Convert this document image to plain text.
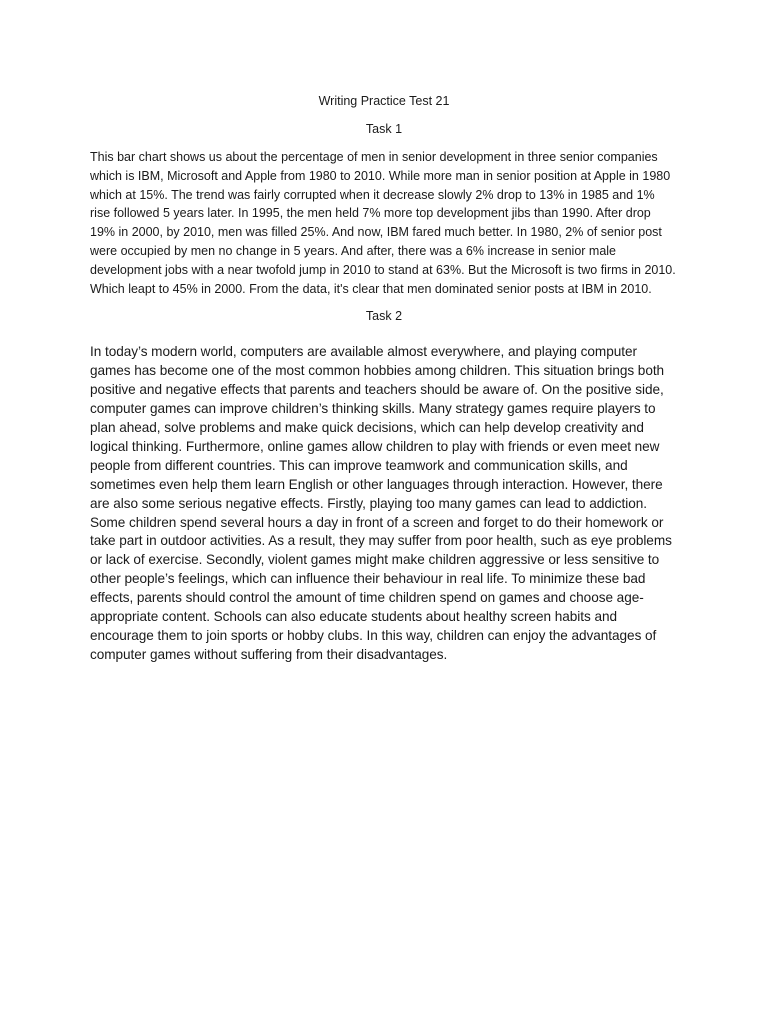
Writing Practice Test 21

Task 1

This bar chart shows us about the percentage of men in senior development in three senior companies which is IBM, Microsoft and Apple from 1980 to 2010. While more man in senior position at Apple in 1980 which at 15%. The trend was fairly corrupted when it decrease slowly 2% drop to 13% in 1985 and 1% rise followed 5 years later. In 1995, the men held 7% more top development jibs than 1990. After drop 19% in 2000, by 2010, men was filled 25%. And now, IBM fared much better. In 1980, 2% of senior post were occupied by men no change in 5 years. And after, there was a 6% increase in senior male development jobs with a near twofold jump in 2010 to stand at 63%. But the Microsoft is two firms in 2010. Which leapt to 45% in 2000. From the data, it's clear that men dominated senior posts at IBM in 2010.

Task 2

In today’s modern world, computers are available almost everywhere, and playing computer games has become one of the most common hobbies among children. This situation brings both positive and negative effects that parents and teachers should be aware of. On the positive side, computer games can improve children’s thinking skills. Many strategy games require players to plan ahead, solve problems and make quick decisions, which can help develop creativity and logical thinking. Furthermore, online games allow children to play with friends or even meet new people from different countries. This can improve teamwork and communication skills, and sometimes even help them learn English or other languages through interaction. However, there are also some serious negative effects. Firstly, playing too many games can lead to addiction. Some children spend several hours a day in front of a screen and forget to do their homework or take part in outdoor activities. As a result, they may suffer from poor health, such as eye problems or lack of exercise. Secondly, violent games might make children aggressive or less sensitive to other people’s feelings, which can influence their behaviour in real life. To minimize these bad effects, parents should control the amount of time children spend on games and choose age-appropriate content. Schools can also educate students about healthy screen habits and encourage them to join sports or hobby clubs. In this way, children can enjoy the advantages of computer games without suffering from their disadvantages.
